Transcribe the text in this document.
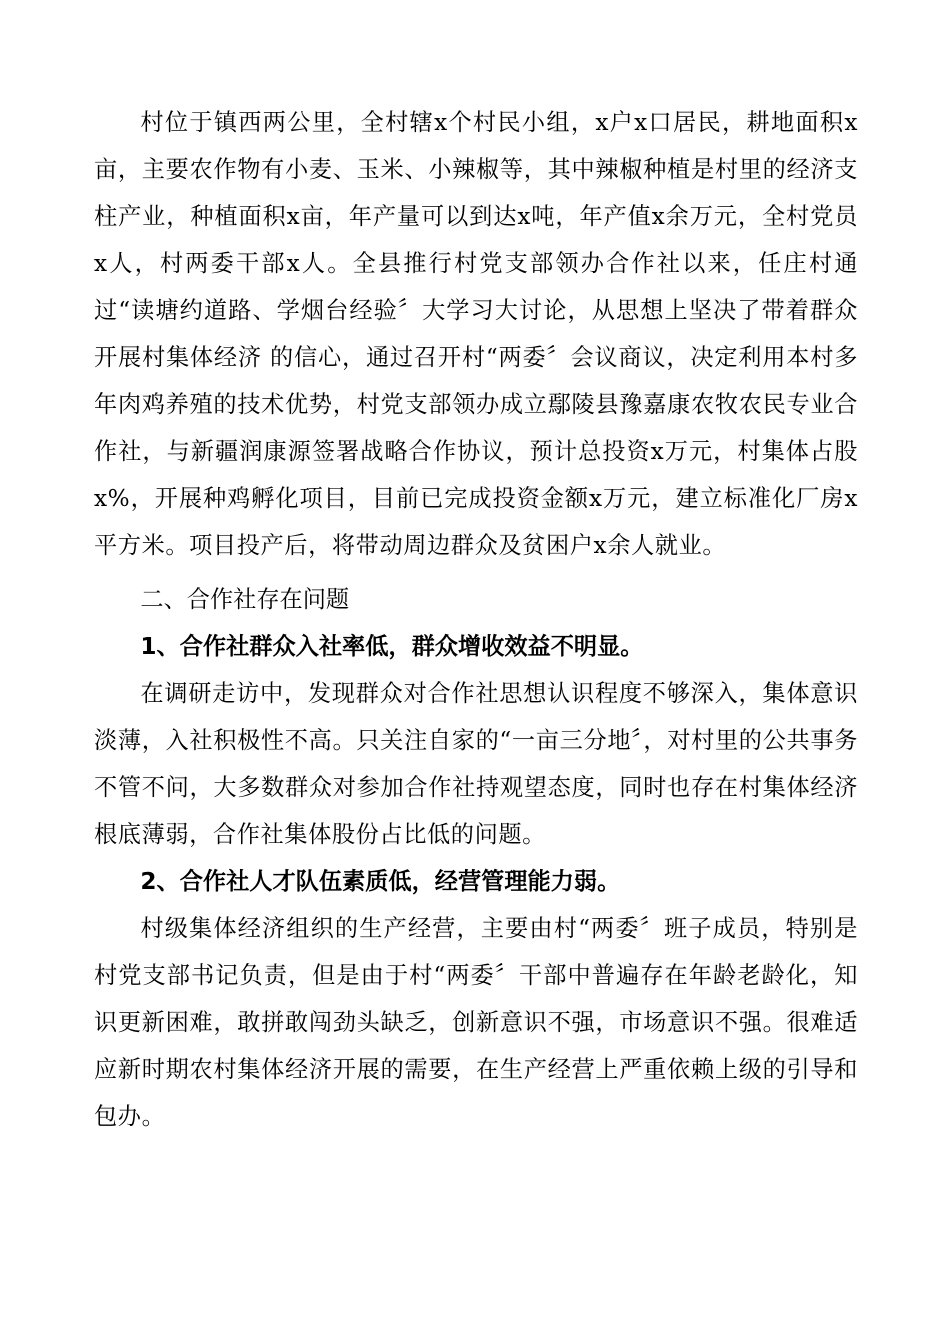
村位于镇西两公里，全村辖x个村民小组，x户x口居民，耕地面积x亩，主要农作物有小麦、玉米、小辣椒等，其中辣椒种植是村里的经济支柱产业，种植面积x亩，年产量可以到达x吨，年产值x余万元，全村党员x人，村两委干部x人。全县推行村党支部领办合作社以来，任庄村通过“读塘约道路、学烟台经验〞大学习大讨论，从思想上坚决了带着群众开展村集体经济 的信心，通过召开村“两委〞会议商议，决定利用本村多年肉鸡养殖的技术优势，村党支部领办成立鄢陵县豫嘉康农牧农民专业合作社，与新疆润康源签署战略合作协议，预计总投资x万元，村集体占股x%，开展种鸡孵化项目，目前已完成投资金额x万元，建立标准化厂房x平方米。项目投产后，将带动周边群众及贫困户x余人就业。

二、合作社存在问题
1、合作社群众入社率低，群众增收效益不明显。

在调研走访中，发现群众对合作社思想认识程度不够深入，集体意识淡薄，入社积极性不高。只关注自家的“一亩三分地〞，对村里的公共事务不管不问，大多数群众对参加合作社持观望态度，同时也存在村集体经济根底薄弱，合作社集体股份占比低的问题。

2、合作社人才队伍素质低，经营管理能力弱。

村级集体经济组织的生产经营，主要由村“两委〞班子成员，特别是村党支部书记负责，但是由于村“两委〞干部中普遍存在年龄老龄化，知识更新困难，敢拼敢闯劲头缺乏，创新意识不强，市场意识不强。很难适应新时期农村集体经济开展的需要，在生产经营上严重依赖上级的引导和包办。
